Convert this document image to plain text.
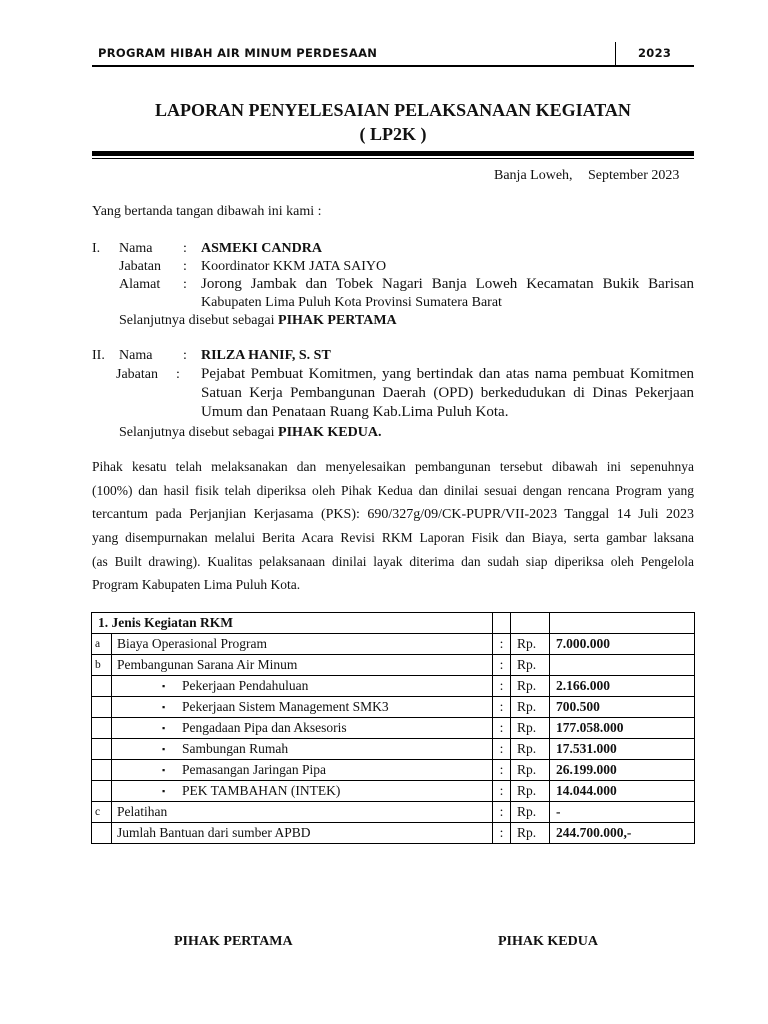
PROGRAM HIBAH AIR MINUM PERDESAAN	2023
LAPORAN PENYELESAIAN PELAKSANAAN KEGIATAN
( LP2K )
Banja Loweh, September 2023
Yang bertanda tangan dibawah ini kami :
I. Nama : ASMEKI CANDRA
Jabatan : Koordinator KKM JATA SAIYO
Alamat : Jorong Jambak dan Tobek Nagari Banja Loweh Kecamatan Bukik Barisan
Kabupaten Lima Puluh Kota Provinsi Sumatera Barat
Selanjutnya disebut sebagai PIHAK PERTAMA
II. Nama : RILZA HANIF, S. ST
Jabatan : Pejabat Pembuat Komitmen, yang bertindak dan atas nama pembuat Komitmen
Satuan Kerja Pembangunan Daerah (OPD) berkedudukan di Dinas Pekerjaan
Umum dan Penataan Ruang Kab.Lima Puluh Kota.
Selanjutnya disebut sebagai PIHAK KEDUA.
Pihak kesatu telah melaksanakan dan menyelesaikan pembangunan tersebut dibawah ini sepenuhnya
(100%) dan hasil fisik telah diperiksa oleh Pihak Kedua dan dinilai sesuai dengan rencana Program yang
tercantum pada Perjanjian Kerjasama (PKS): 690/327g/09/CK-PUPR/VII-2023 Tanggal 14 Juli 2023
yang disempurnakan melalui Berita Acara Revisi RKM Laporan Fisik dan Biaya, serta gambar laksana
(as Built drawing). Kualitas pelaksanaan dinilai layak diterima dan sudah siap diperiksa oleh Pengelola
Program Kabupaten Lima Puluh Kota.
1. Jenis Kegiatan RKM				
a	Biaya Operasional Program	:	Rp.	7.000.000
b	Pembangunan Sarana Air Minum	:	Rp.	
	▪ Pekerjaan Pendahuluan	:	Rp.	2.166.000
	▪ Pekerjaan Sistem Management SMK3	:	Rp.	700.500
	▪ Pengadaan Pipa dan Aksesoris	:	Rp.	177.058.000
	▪ Sambungan Rumah	:	Rp.	17.531.000
	▪ Pemasangan Jaringan Pipa	:	Rp.	26.199.000
	▪ PEK TAMBAHAN (INTEK)	:	Rp.	14.044.000
c	Pelatihan	:	Rp.	-
	Jumlah Bantuan dari sumber APBD	:	Rp.	244.700.000,-
PIHAK PERTAMA	PIHAK KEDUA
